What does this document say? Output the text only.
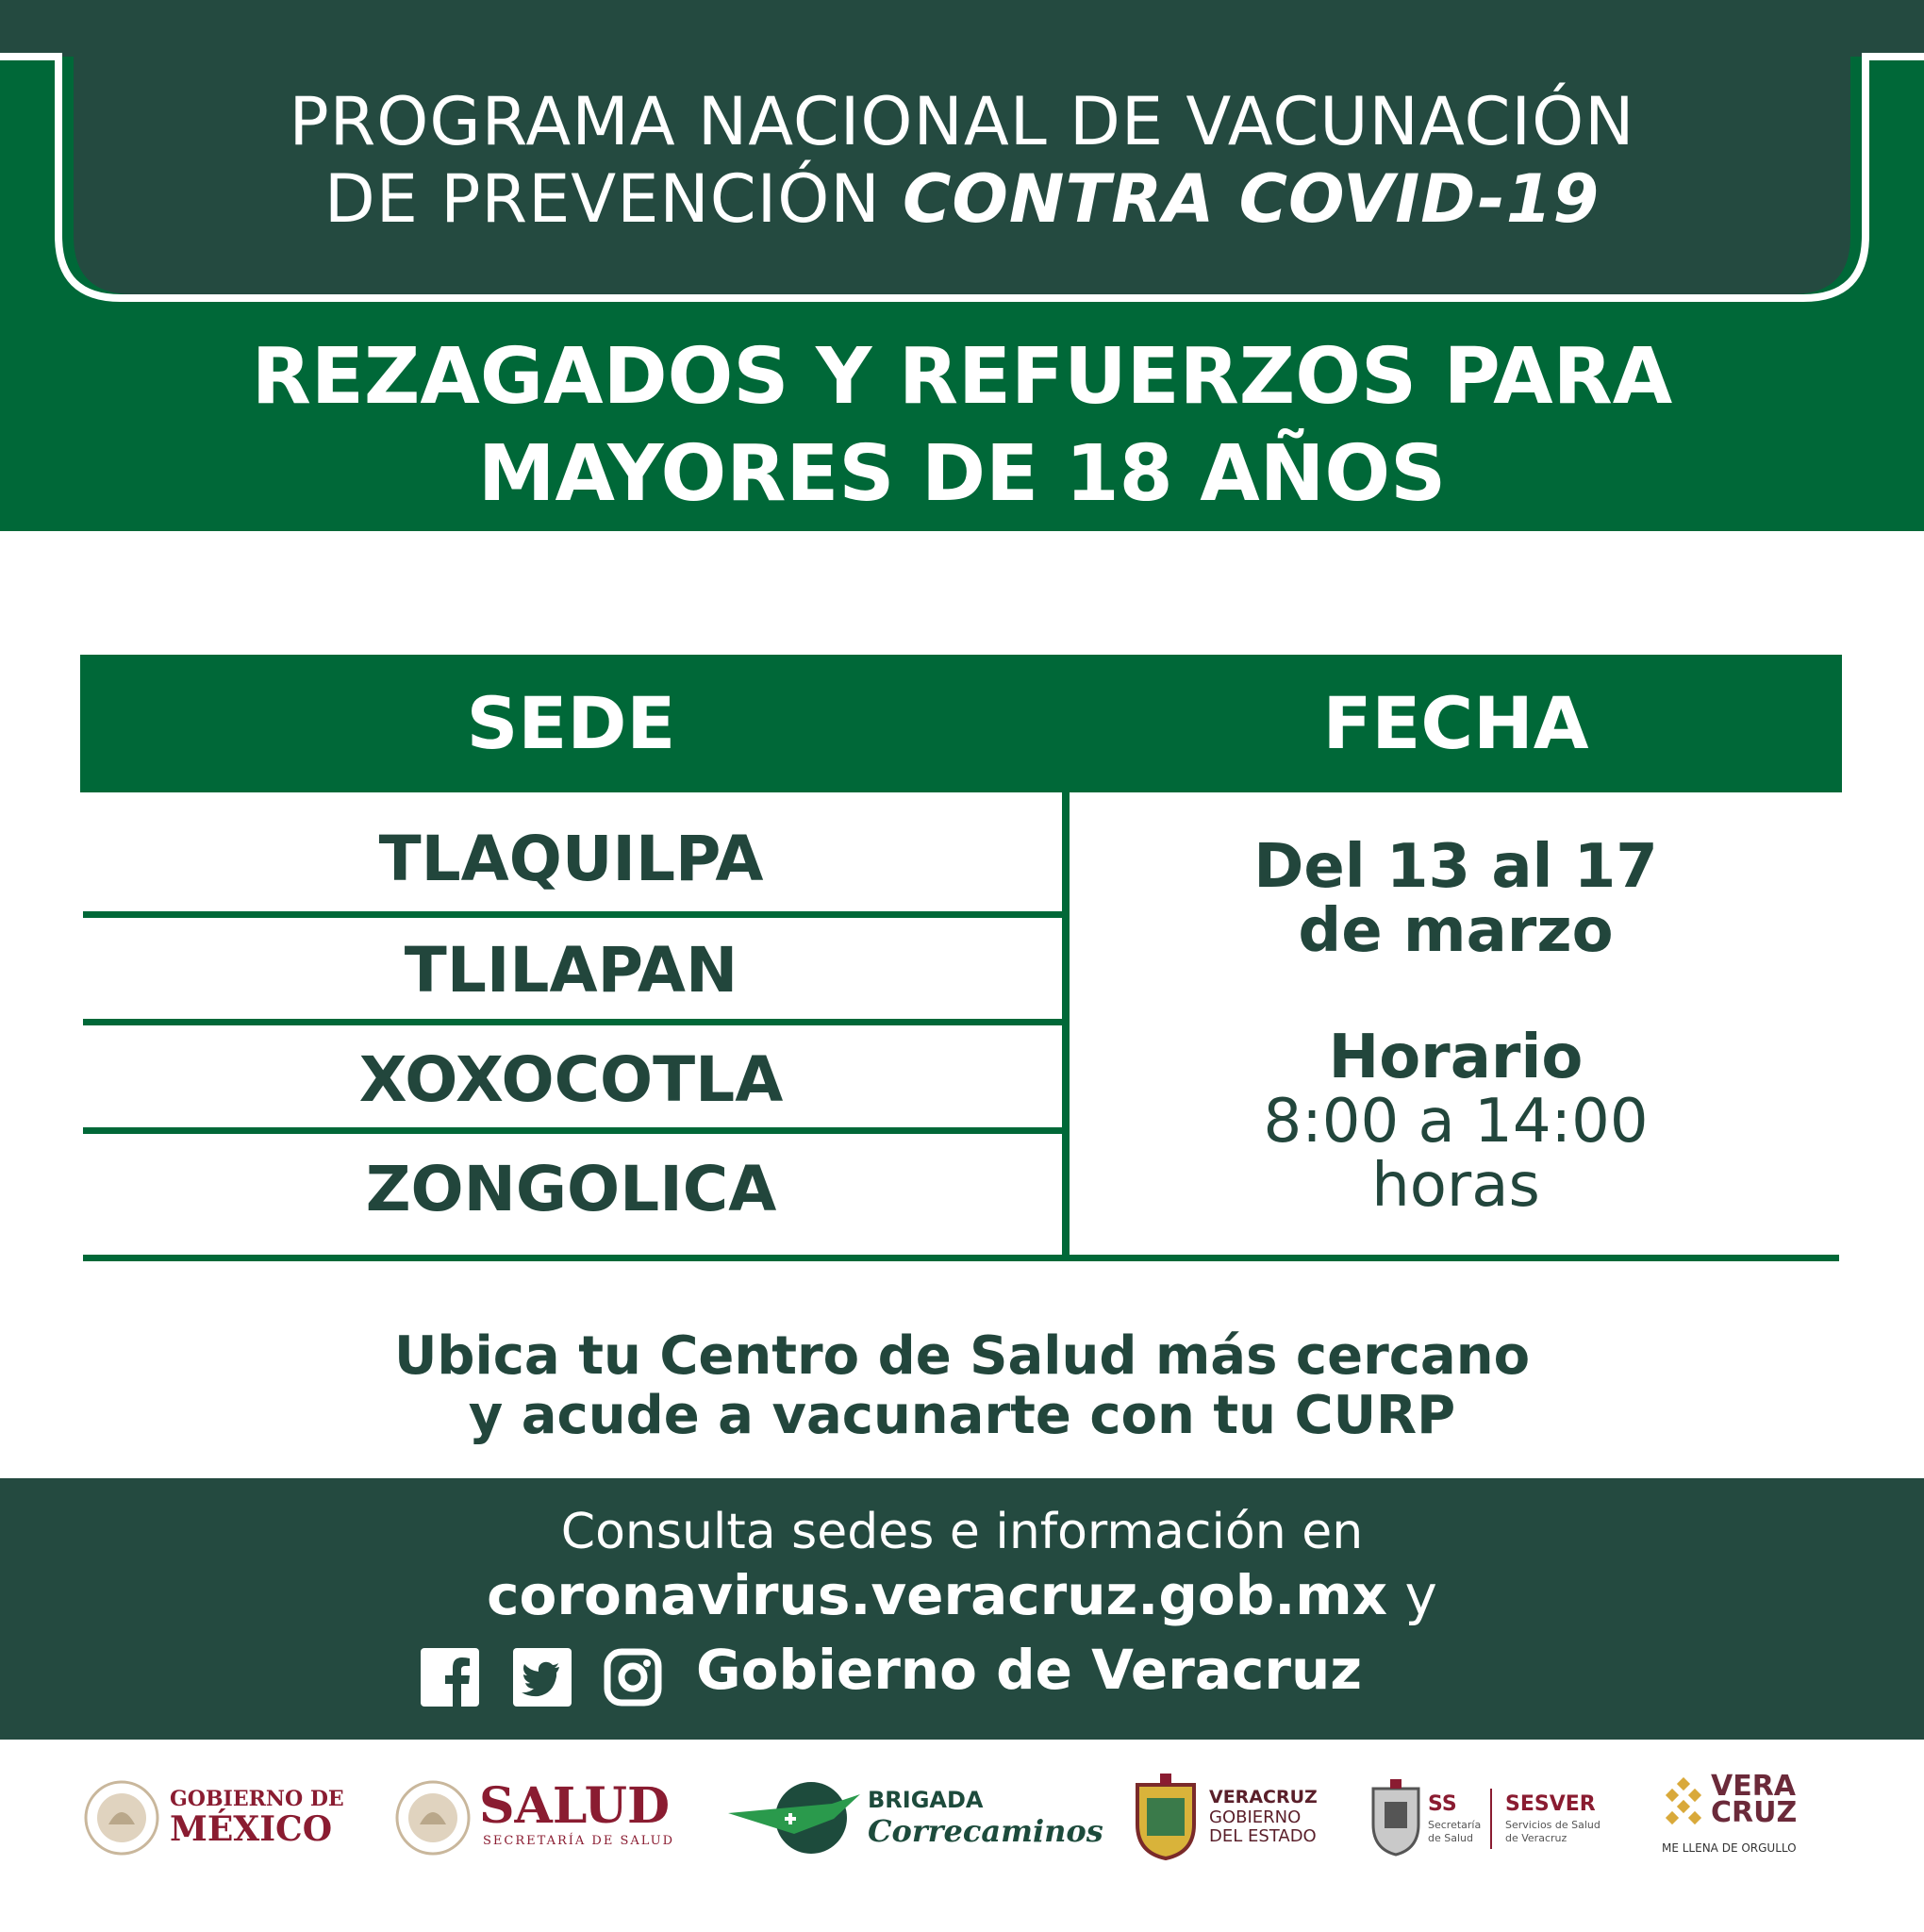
PROGRAMA NACIONAL DE VACUNACIÓN
DE PREVENCIÓN CONTRA COVID-19
REZAGADOS Y REFUERZOS PARA
MAYORES DE 18 AÑOS
SEDE	FECHA
TLAQUILPA
TLILAPAN
XOXOCOTLA
ZONGOLICA
Del 13 al 17
de marzo
Horario
8:00 a 14:00
horas
Ubica tu Centro de Salud más cercano
y acude a vacunarte con tu CURP
Consulta sedes e información en
coronavirus.veracruz.gob.mx y
Gobierno de Veracruz
GOBIERNO DE
MÉXICO	SALUD
SECRETARÍA DE SALUD
BRIGADA
Correcaminos
VERACRUZ
GOBIERNO
DEL ESTADO
SS
Secretaría
de Salud
SESVER
Servicios de Salud
de Veracruz
VERA
CRUZ
ME LLENA DE ORGULLO
